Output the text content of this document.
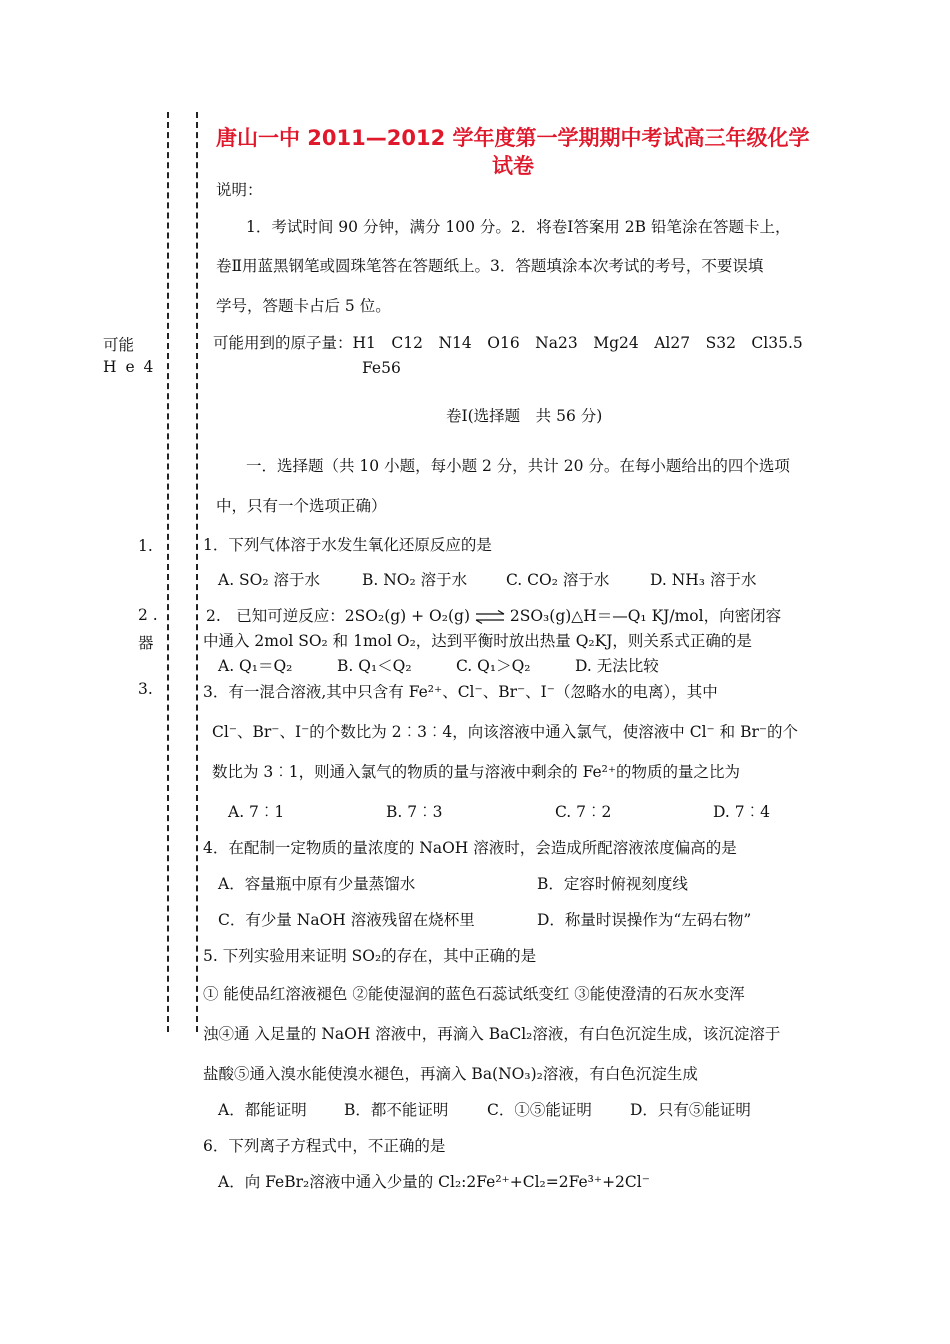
可能
H e 4
1.
2 .
器
3.
唐山一中 2011—2012 学年度第一学期期中考试高三年级化学
试卷
说明：
1．考试时间 90 分钟，满分 100 分。2．将卷Ⅰ答案用 2B 铅笔涂在答题卡上，
卷Ⅱ用蓝黑钢笔或圆珠笔答在答题纸上。3．答题填涂本次考试的考号，不要误填
学号，答题卡占后 5 位。
可能用到的原子量：H1　C12　N14　O16　Na23　Mg24　Al27　S32　Cl35.5
Fe56
卷Ⅰ(选择题　共 56 分)
一．选择题（共 10 小题，每小题 2 分，共计 20 分。在每小题给出的四个选项
中，只有一个选项正确）
1．下列气体溶于水发生氧化还原反应的是
A. SO₂ 溶于水	B. NO₂ 溶于水	C. CO₂ 溶于水	D. NH₃ 溶于水
2.　已知可逆反应：2SO₂(g) + O₂(g) ⇌ 2SO₃(g)△H＝—Q₁ KJ/mol，向密闭容
中通入 2mol SO₂ 和 1mol O₂，达到平衡时放出热量 Q₂KJ，则关系式正确的是
A. Q₁＝Q₂	B. Q₁＜Q₂	C. Q₁＞Q₂	D. 无法比较
3．有一混合溶液,其中只含有 Fe²⁺、Cl⁻、Br⁻、I⁻（忽略水的电离），其中
Cl⁻、Br⁻、I⁻的个数比为 2︰3︰4，向该溶液中通入氯气，使溶液中 Cl⁻ 和 Br⁻的个
数比为 3︰1，则通入氯气的物质的量与溶液中剩余的 Fe²⁺的物质的量之比为
A. 7︰1	B. 7︰3	C. 7︰2	D. 7︰4
4．在配制一定物质的量浓度的 NaOH 溶液时，会造成所配溶液浓度偏高的是
A．容量瓶中原有少量蒸馏水	B．定容时俯视刻度线
C．有少量 NaOH 溶液残留在烧杯里	D．称量时误操作为“左码右物”
5. 下列实验用来证明 SO₂的存在，其中正确的是
① 能使品红溶液褪色 ②能使湿润的蓝色石蕊试纸变红 ③能使澄清的石灰水变浑
浊④通 入足量的 NaOH 溶液中，再滴入 BaCl₂溶液，有白色沉淀生成，该沉淀溶于
盐酸⑤通入溴水能使溴水褪色，再滴入 Ba(NO₃)₂溶液，有白色沉淀生成
A．都能证明 B．都不能证明 C．①⑤能证明 D．只有⑤能证明
6．下列离子方程式中，不正确的是
A．向 FeBr₂溶液中通入少量的 Cl₂:2Fe²⁺+Cl₂=2Fe³⁺+2Cl⁻
